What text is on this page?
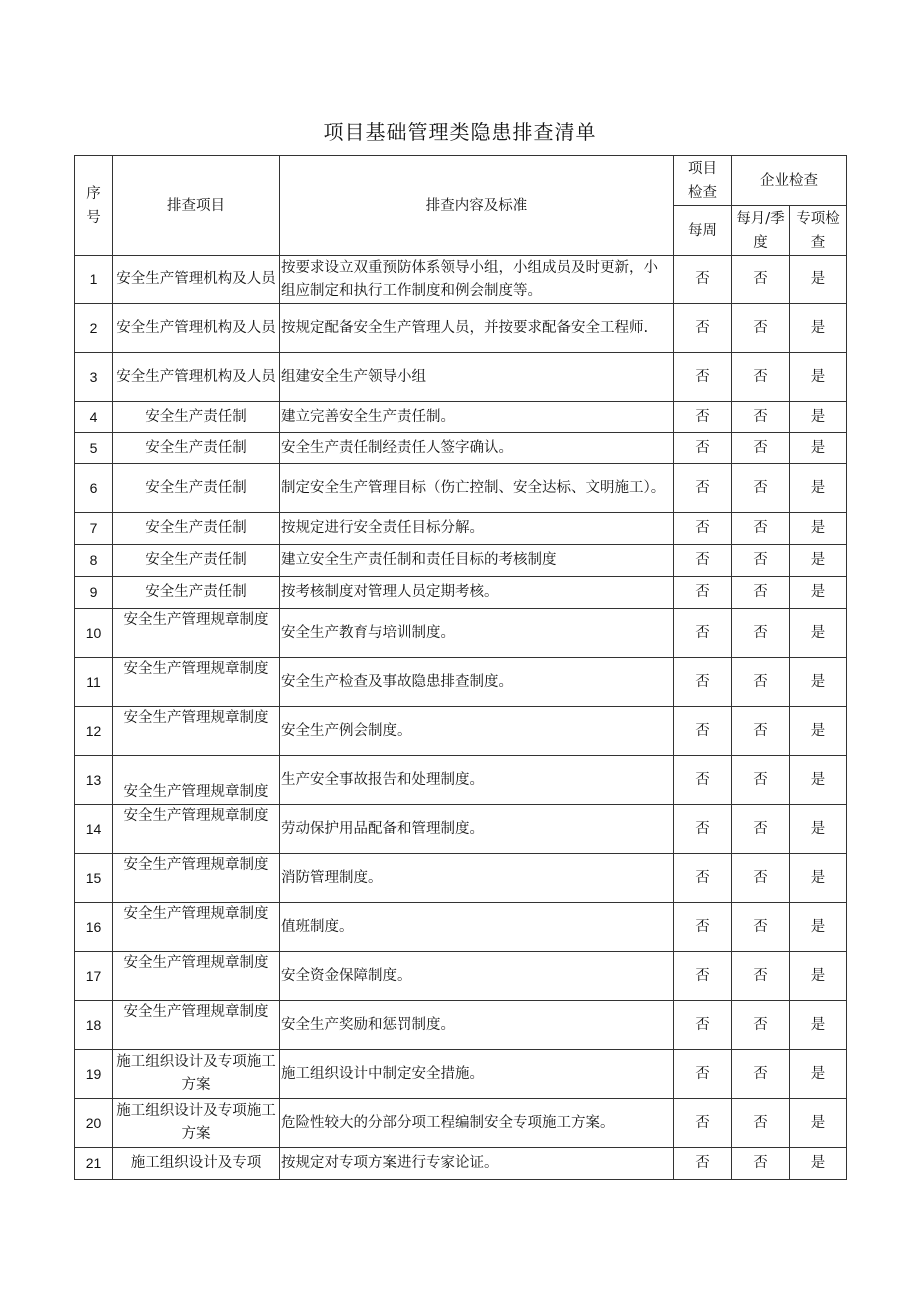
项目基础管理类隐患排查清单
序号	排查项目	排查内容及标准	项目检查	企业检查	
			每周	每月/季度	专项检查
1	安全生产管理机构及人员	按要求设立双重预防体系领导小组，小组成员及时更新，小组应制定和执行工作制度和例会制度等。	否	否	是
2	安全生产管理机构及人员	按规定配备安全生产管理人员，并按要求配备安全工程师.	否	否	是
3	安全生产管理机构及人员	组建安全生产领导小组	否	否	是
4	安全生产责任制	建立完善安全生产责任制。	否	否	是
5	安全生产责任制	安全生产责任制经责任人签字确认。	否	否	是
6	安全生产责任制	制定安全生产管理目标（伤亡控制、安全达标、文明施工）。	否	否	是
7	安全生产责任制	按规定进行安全责任目标分解。	否	否	是
8	安全生产责任制	建立安全生产责任制和责任目标的考核制度	否	否	是
9	安全生产责任制	按考核制度对管理人员定期考核。	否	否	是
10	安全生产管理规章制度	安全生产教育与培训制度。	否	否	是
11	安全生产管理规章制度	安全生产检查及事故隐患排查制度。	否	否	是
12	安全生产管理规章制度	安全生产例会制度。	否	否	是
13	安全生产管理规章制度	生产安全事故报告和处理制度。	否	否	是
14	安全生产管理规章制度	劳动保护用品配备和管理制度。	否	否	是
15	安全生产管理规章制度	消防管理制度。	否	否	是
16	安全生产管理规章制度	值班制度。	否	否	是
17	安全生产管理规章制度	安全资金保障制度。	否	否	是
18	安全生产管理规章制度	安全生产奖励和惩罚制度。	否	否	是
19	施工组织设计及专项施工方案	施工组织设计中制定安全措施。	否	否	是
20	施工组织设计及专项施工方案	危险性较大的分部分项工程编制安全专项施工方案。	否	否	是
21	施工组织设计及专项	按规定对专项方案进行专家论证。	否	否	是
